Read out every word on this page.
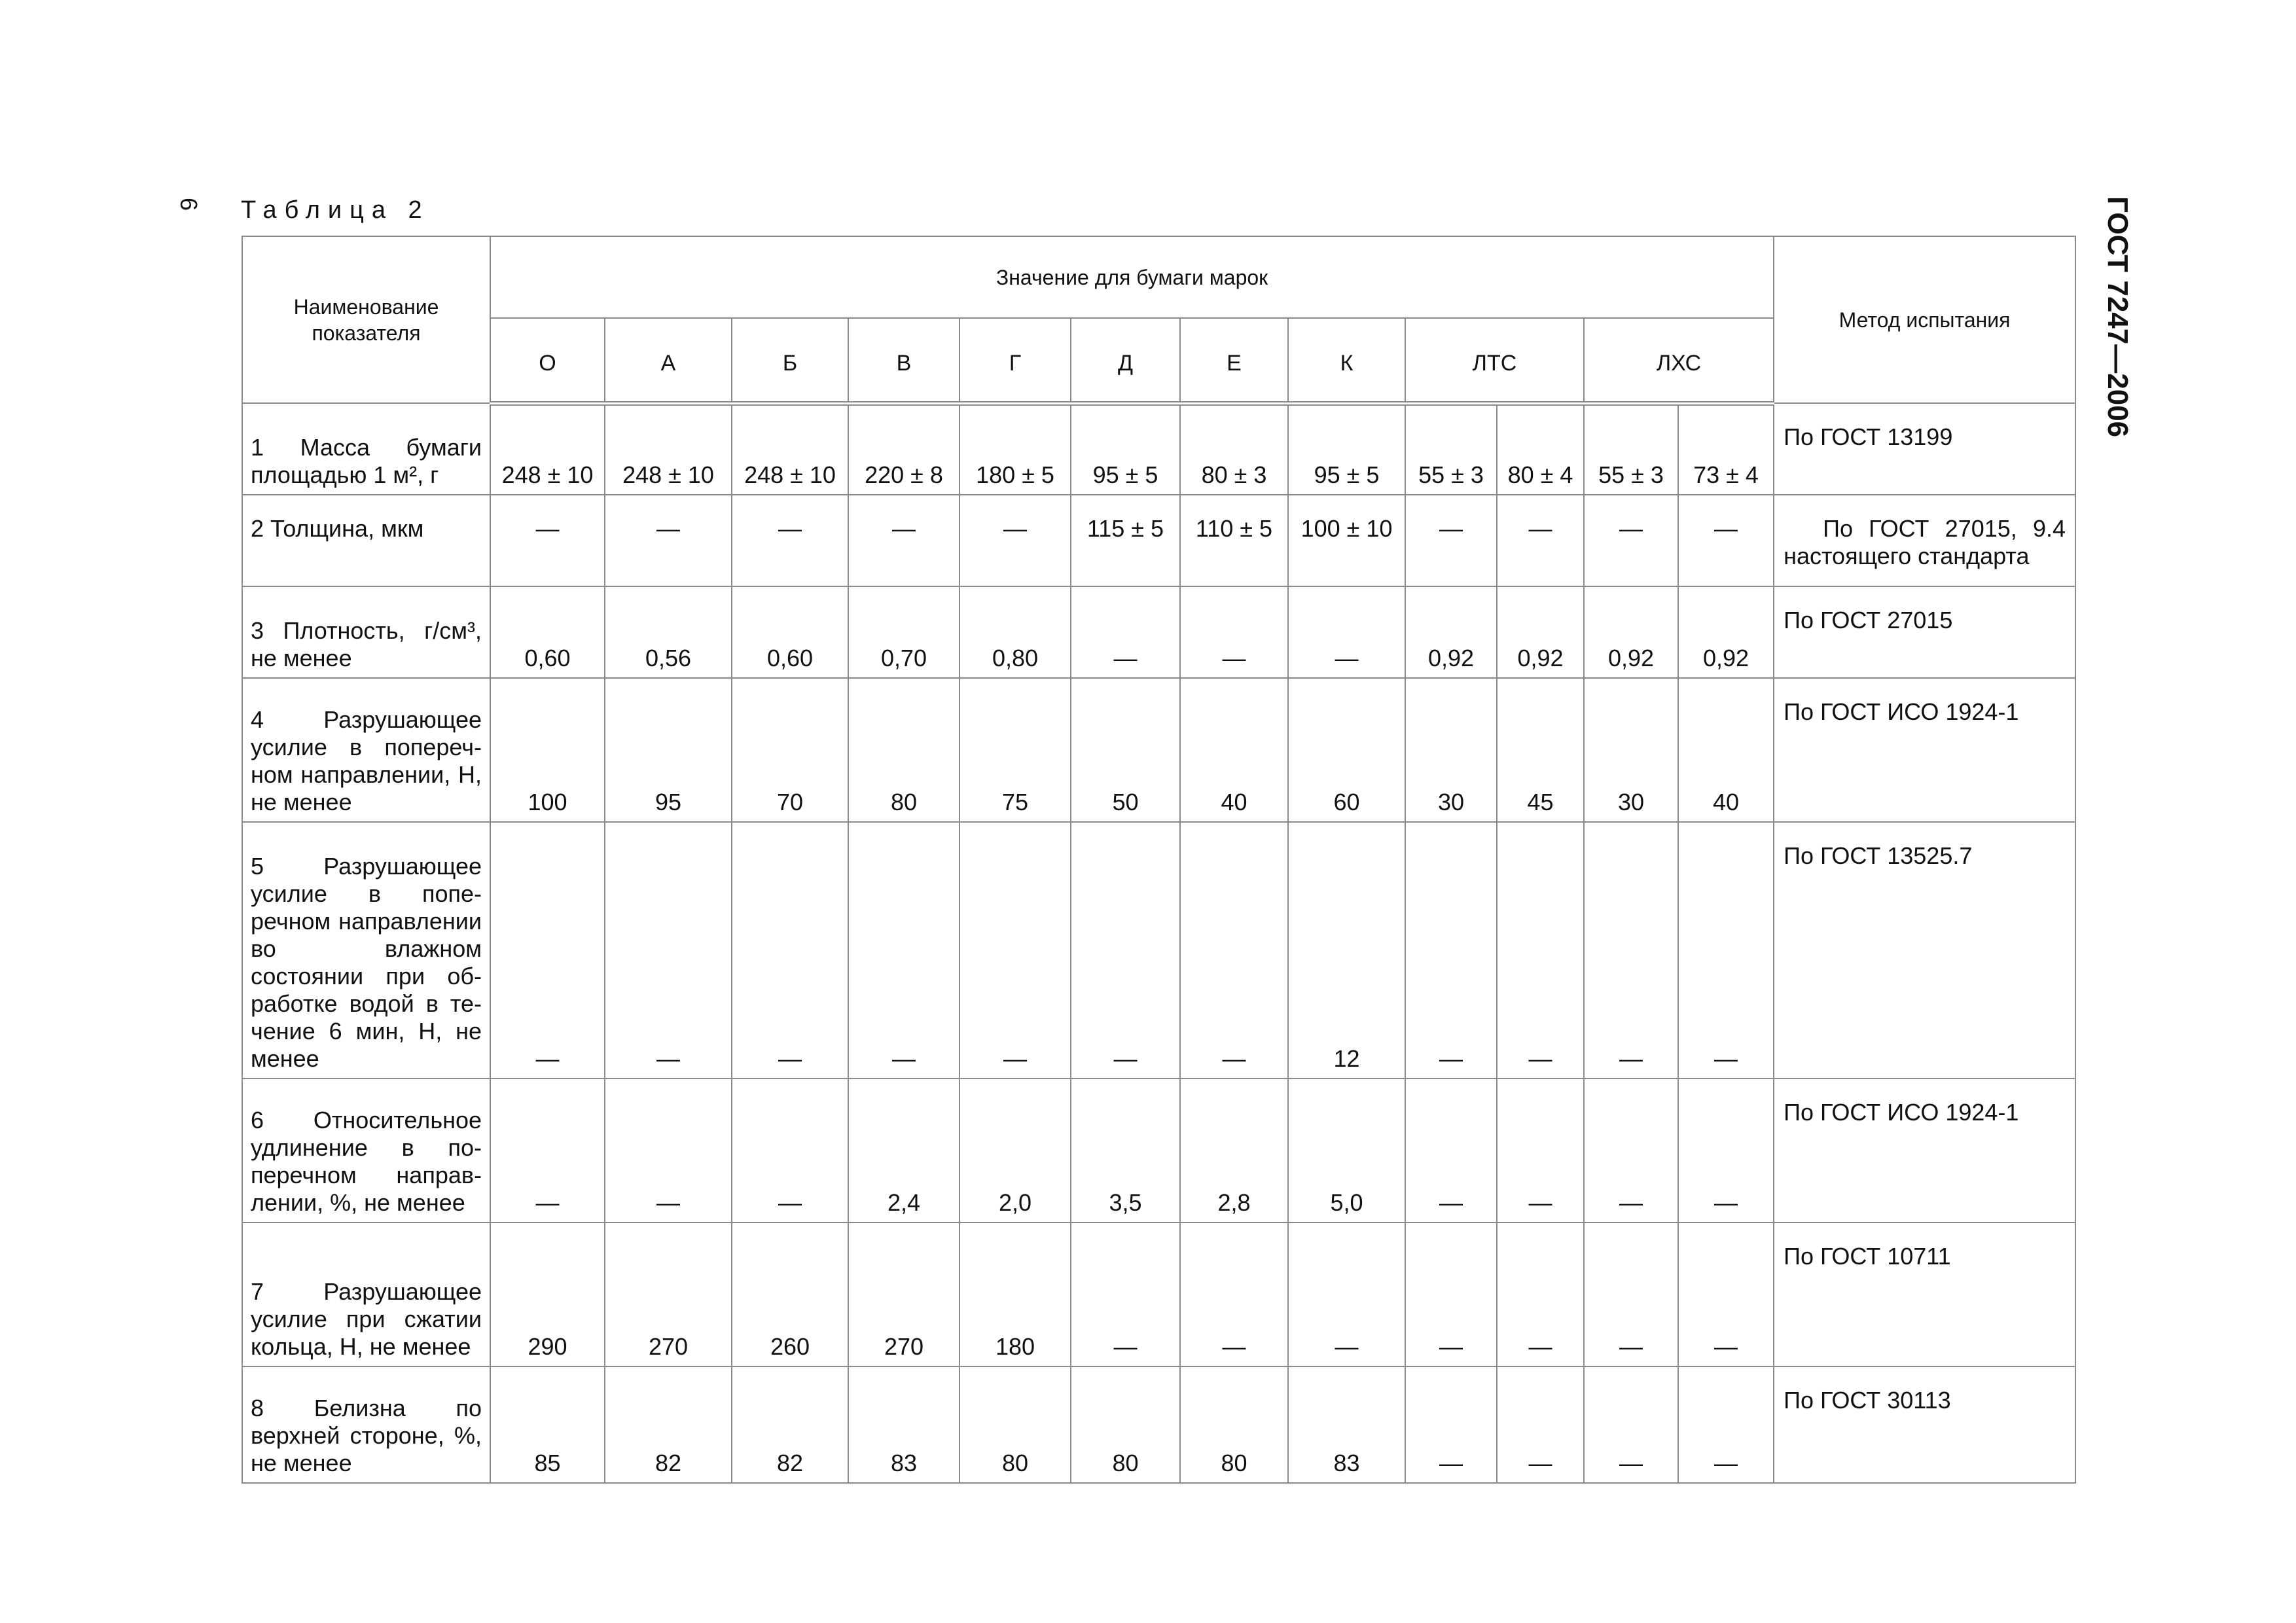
6 Таблица 2	ГОСТ 7247—2006
Наименование показателя	Значение для бумаги марок												Метод испытания
	О	А	Б	В	Г	Д	Е	К	ЛТС		ЛХС		
1 Масса бумаги площадью 1 м², г	248 ± 10	248 ± 10	248 ± 10	220 ± 8	180 ± 5	95 ± 5	80 ± 3	95 ± 5	55 ± 3	80 ± 4	55 ± 3	73 ± 4	По ГОСТ 13199
2 Толщина, мкм	—	—	—	—	—	115 ± 5	110 ± 5	100 ± 10	—	—	—	—	По ГОСТ 27015, 9.4
настоящего стандарта

3 Плотность, г/см³, не менее	0,60	0,56	0,60	0,70	0,80	—	—	—	0,92	0,92	0,92	0,92	По ГОСТ 27015
4 Разрушающее усилие в поперечном направлении, Н, не менее	100	95	70	80	75	50	40	60	30	45	30	40	По ГОСТ ИСО 1924-1
5 Разрушающее усилие в поперечном направлении во влажном состоянии при обработке водой в течение 6 мин, Н, не менее	—	—	—	—	—	—	—	12	—	—	—	—	По ГОСТ 13525.7
6 Относительное удлинение в поперечном направлении, %, не менее	—	—	—	2,4	2,0	3,5	2,8	5,0	—	—	—	—	По ГОСТ ИСО 1924-1
7 Разрушающее усилие при сжатии кольца, Н, не менее	290	270	260	270	180	—	—	—	—	—	—	—	По ГОСТ 10711
8 Белизна по верхней стороне, %, не менее	85	82	82	83	80	80	80	83	—	—	—	—	По ГОСТ 30113
